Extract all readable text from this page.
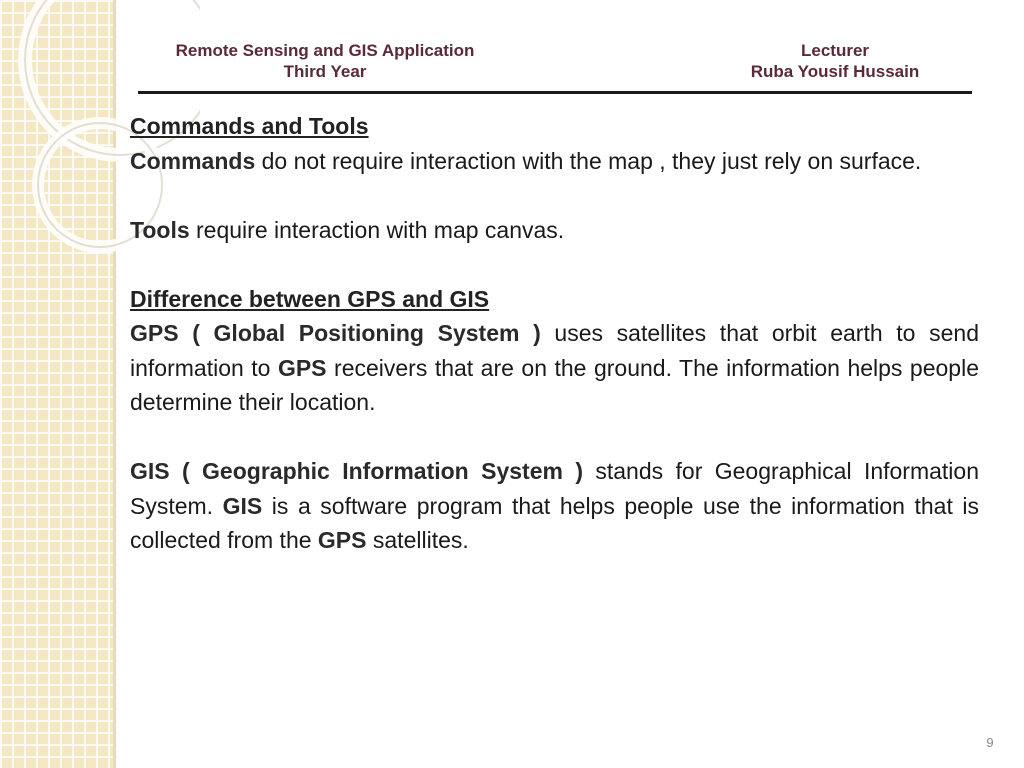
Remote Sensing and GIS Application
Third Year
Lecturer
Ruba Yousif Hussain

Commands and Tools

Commands do not require interaction with the map , they just rely on surface.

Tools require interaction with map canvas.

Difference between GPS and GIS

GPS ( Global Positioning System ) uses satellites that orbit earth to send information to GPS receivers that are on the ground. The information helps people determine their location.

GIS ( Geographic Information System ) stands for Geographical Information System. GIS is a software program that helps people use the information that is collected from the GPS satellites.

9
